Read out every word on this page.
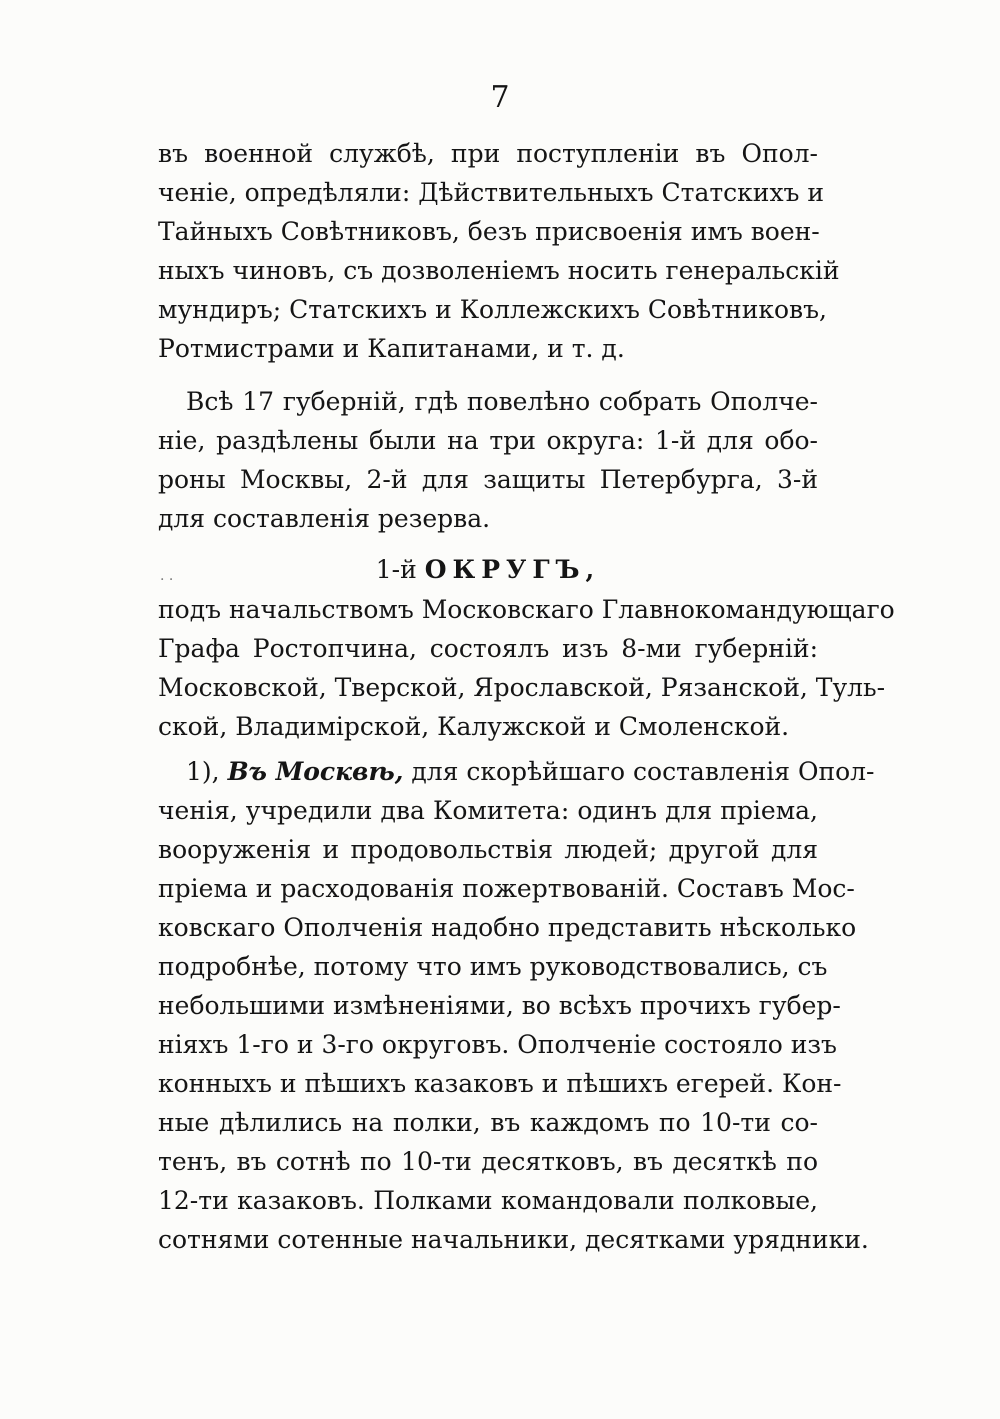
7
въ военной службѣ, при поступленіи въ Опол-
ченіе, опредѣляли: Дѣйствительныхъ Статскихъ и
Тайныхъ Совѣтниковъ, безъ присвоенія имъ воен-
ныхъ чиновъ, съ дозволеніемъ носить генеральскій
мундиръ; Статскихъ и Коллежскихъ Совѣтниковъ,
Ротмистрами и Капитанами, и т. д.
Всѣ 17 губерній, гдѣ повелѣно собрать Ополче-
ніе, раздѣлены были на три округа: 1-й для обо-
роны Москвы, 2-й для защиты Петербурга, 3-й
для составленія резерва.
· ·	1-й ОКРУГЪ,
подъ начальствомъ Московскаго Главнокомандующаго
Графа Ростопчина, состоялъ изъ 8-ми губерній:
Московской, Тверской, Ярославской, Рязанской, Туль-
ской, Владимірской, Калужской и Смоленской.
1), Въ Москвѣ, для скорѣйшаго составленія Опол-
ченія, учредили два Комитета: одинъ для пріема,
вооруженія и продовольствія людей; другой для
пріема и расходованія пожертвованій. Составъ Мос-
ковскаго Ополченія надобно представить нѣсколько
подробнѣе, потому что имъ руководствовались, съ
небольшими измѣненіями, во всѣхъ прочихъ губер-
ніяхъ 1-го и 3-го округовъ. Ополченіе состояло изъ
конныхъ и пѣшихъ казаковъ и пѣшихъ егерей. Кон-
ные дѣлились на полки, въ каждомъ по 10-ти со-
тенъ, въ сотнѣ по 10-ти десятковъ, въ десяткѣ по
12-ти казаковъ. Полками командовали полковые,
сотнями сотенные начальники, десятками урядники.
